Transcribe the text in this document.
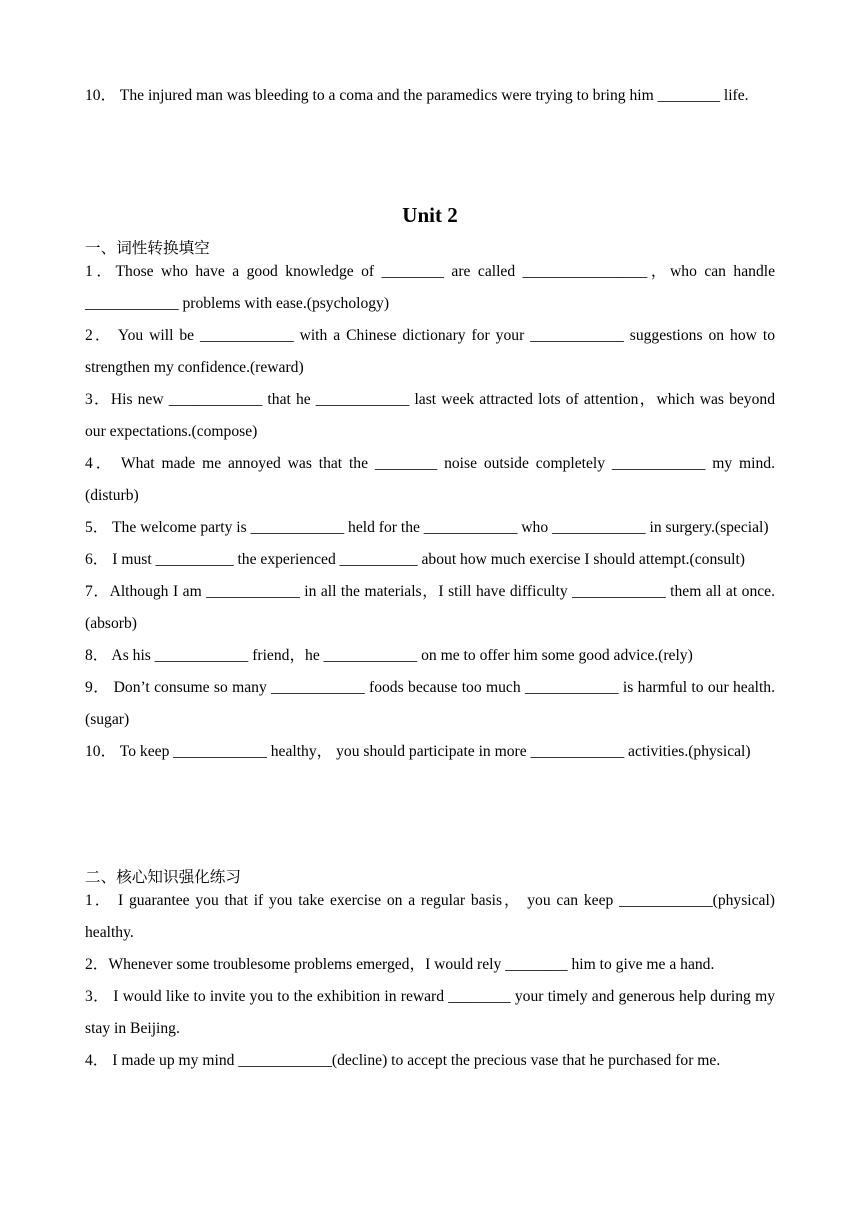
10． The injured man was bleeding to a coma and the paramedics were trying to bring him ________ life.
Unit 2
一、词性转换填空
1．Those who have a good knowledge of ________ are called ________________，who can handle ____________ problems with ease.(psychology)
2． You will be ____________ with a Chinese dictionary for your ____________ suggestions on how to strengthen my confidence.(reward)
3．His new ____________ that he ____________ last week attracted lots of attention，which was beyond our expectations.(compose)
4． What made me annoyed was that the ________ noise outside completely ____________ my mind.(disturb)
5． The welcome party is ____________ held for the ____________ who ____________ in surgery.(special)
6． I must __________ the experienced __________ about how much exercise I should attempt.(consult)
7．Although I am ____________ in all the materials，I still have difficulty ____________ them all at once.(absorb)
8． As his ____________ friend，he ____________ on me to offer him some good advice.(rely)
9． Don’t consume so many ____________ foods because too much ____________ is harmful to our health.(sugar)
10． To keep ____________ healthy， you should participate in more ____________ activities.(physical)
二、核心知识强化练习
1． I guarantee you that if you take exercise on a regular basis， you can keep ____________(physical) healthy.
2．Whenever some troublesome problems emerged，I would rely ________ him to give me a hand.
3． I would like to invite you to the exhibition in reward ________ your timely and generous help during my stay in Beijing.
4． I made up my mind ____________(decline) to accept the precious vase that he purchased for me.
